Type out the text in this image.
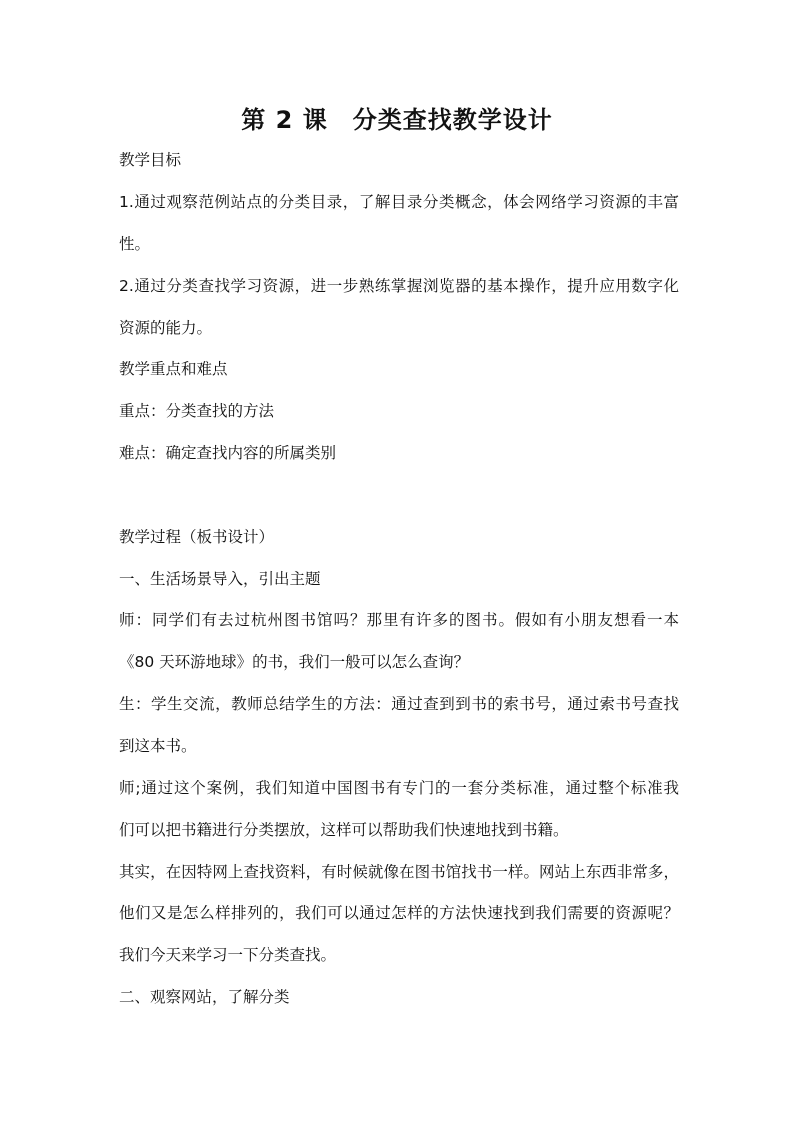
第 2 课　分类查找教学设计
教学目标
1.通过观察范例站点的分类目录，了解目录分类概念，体会网络学习资源的丰富
性。
2.通过分类查找学习资源，进一步熟练掌握浏览器的基本操作，提升应用数字化
资源的能力。
教学重点和难点
重点：分类查找的方法
难点：确定查找内容的所属类别
教学过程（板书设计）
一、生活场景导入，引出主题
师：同学们有去过杭州图书馆吗？那里有许多的图书。假如有小朋友想看一本
《80 天环游地球》的书，我们一般可以怎么查询？
生：学生交流，教师总结学生的方法：通过查到到书的索书号，通过索书号查找
到这本书。
师;通过这个案例，我们知道中国图书有专门的一套分类标准，通过整个标准我
们可以把书籍进行分类摆放，这样可以帮助我们快速地找到书籍。
其实，在因特网上查找资料，有时候就像在图书馆找书一样。网站上东西非常多，
他们又是怎么样排列的，我们可以通过怎样的方法快速找到我们需要的资源呢？
我们今天来学习一下分类查找。
二、观察网站，了解分类
